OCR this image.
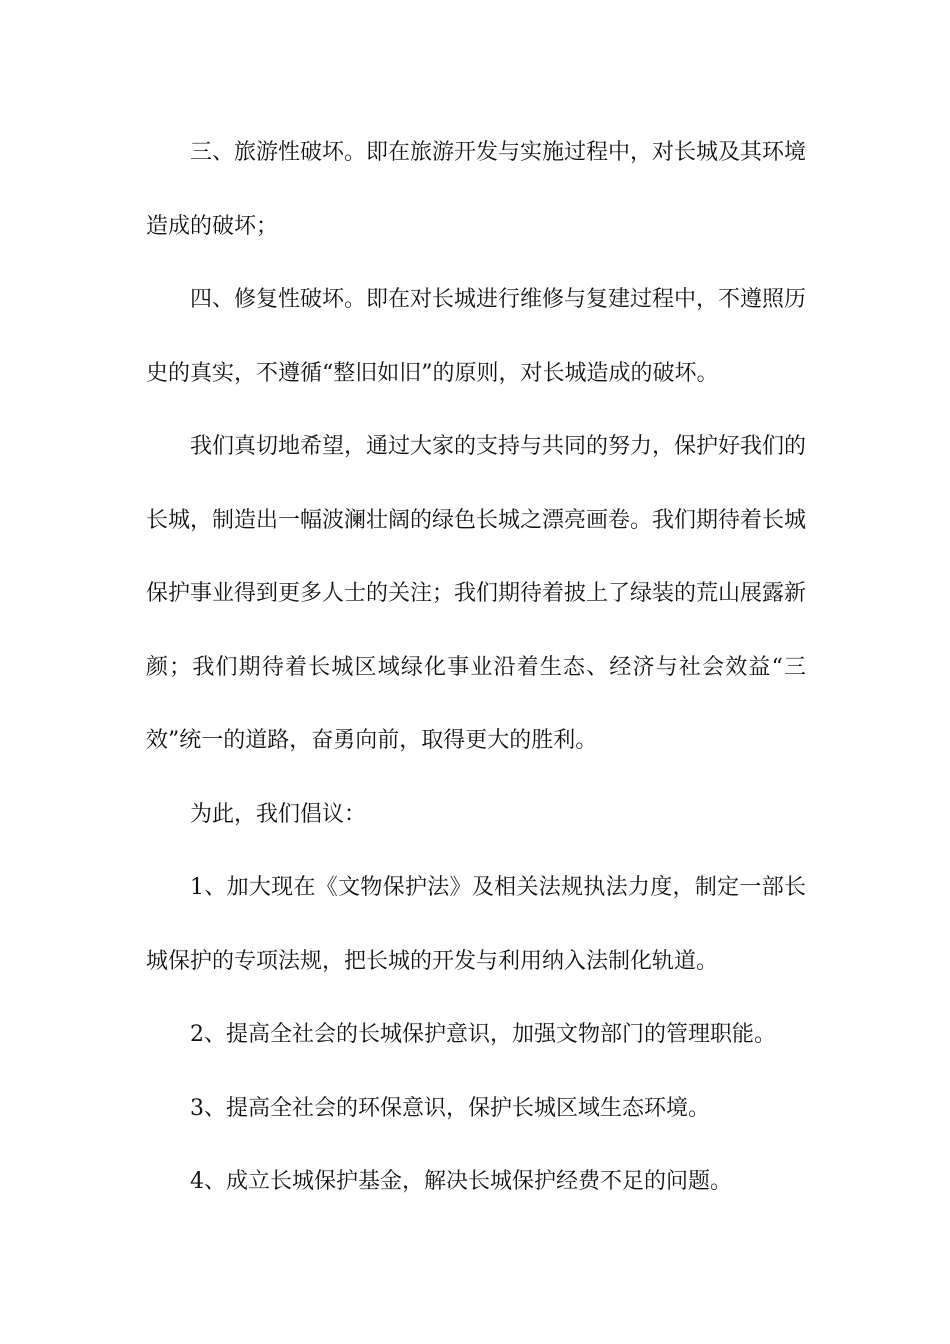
三、旅游性破坏。即在旅游开发与实施过程中，对长城及其环境造成的破坏；

四、修复性破坏。即在对长城进行维修与复建过程中，不遵照历史的真实，不遵循“整旧如旧”的原则，对长城造成的破坏。

我们真切地希望，通过大家的支持与共同的努力，保护好我们的长城，制造出一幅波澜壮阔的绿色长城之漂亮画卷。我们期待着长城保护事业得到更多人士的关注；我们期待着披上了绿装的荒山展露新颜；我们期待着长城区域绿化事业沿着生态、经济与社会效益“三效”统一的道路，奋勇向前，取得更大的胜利。

为此，我们倡议：

1、加大现在《文物保护法》及相关法规执法力度，制定一部长城保护的专项法规，把长城的开发与利用纳入法制化轨道。

2、提高全社会的长城保护意识，加强文物部门的管理职能。

3、提高全社会的环保意识，保护长城区域生态环境。

4、成立长城保护基金，解决长城保护经费不足的问题。
